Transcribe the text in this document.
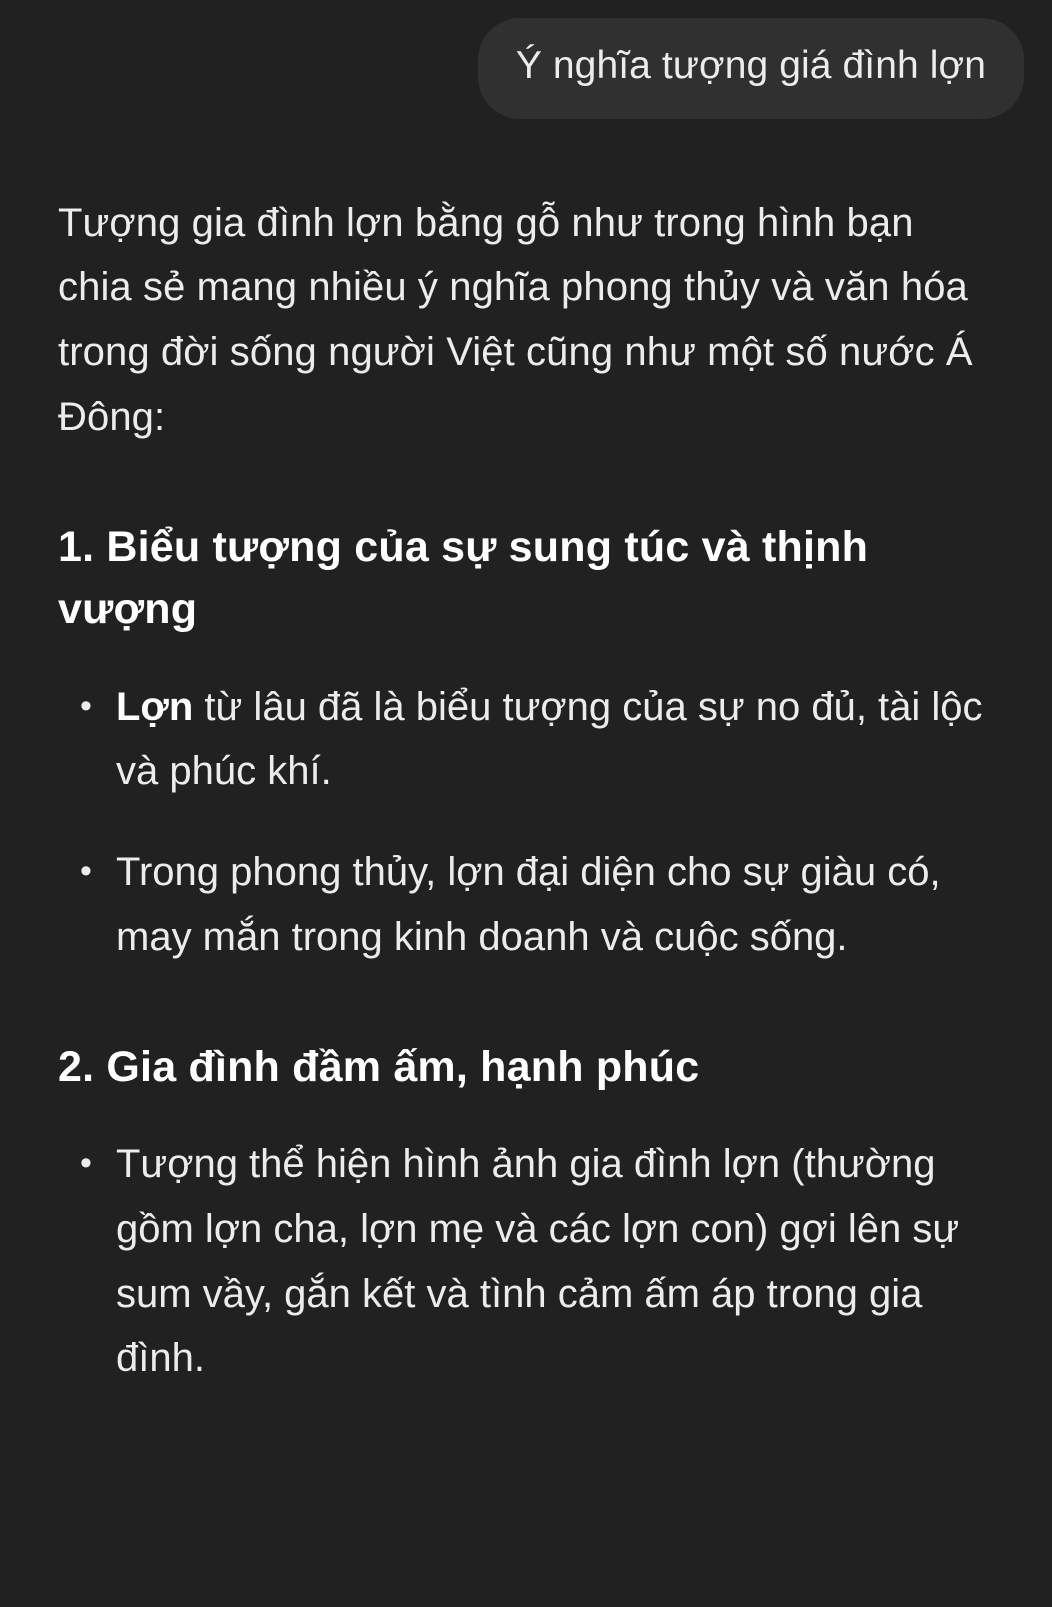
Ý nghĩa tượng giá đình lợn

Tượng gia đình lợn bằng gỗ như trong hình bạn chia sẻ mang nhiều ý nghĩa phong thủy và văn hóa trong đời sống người Việt cũng như một số nước Á Đông:

1. Biểu tượng của sự sung túc và thịnh vượng
• Lợn từ lâu đã là biểu tượng của sự no đủ, tài lộc và phúc khí.
• Trong phong thủy, lợn đại diện cho sự giàu có, may mắn trong kinh doanh và cuộc sống.
2. Gia đình đầm ấm, hạnh phúc
• Tượng thể hiện hình ảnh gia đình lợn (thường gồm lợn cha, lợn mẹ và các lợn con) gợi lên sự sum vầy, gắn kết và tình cảm ấm áp trong gia đình.
